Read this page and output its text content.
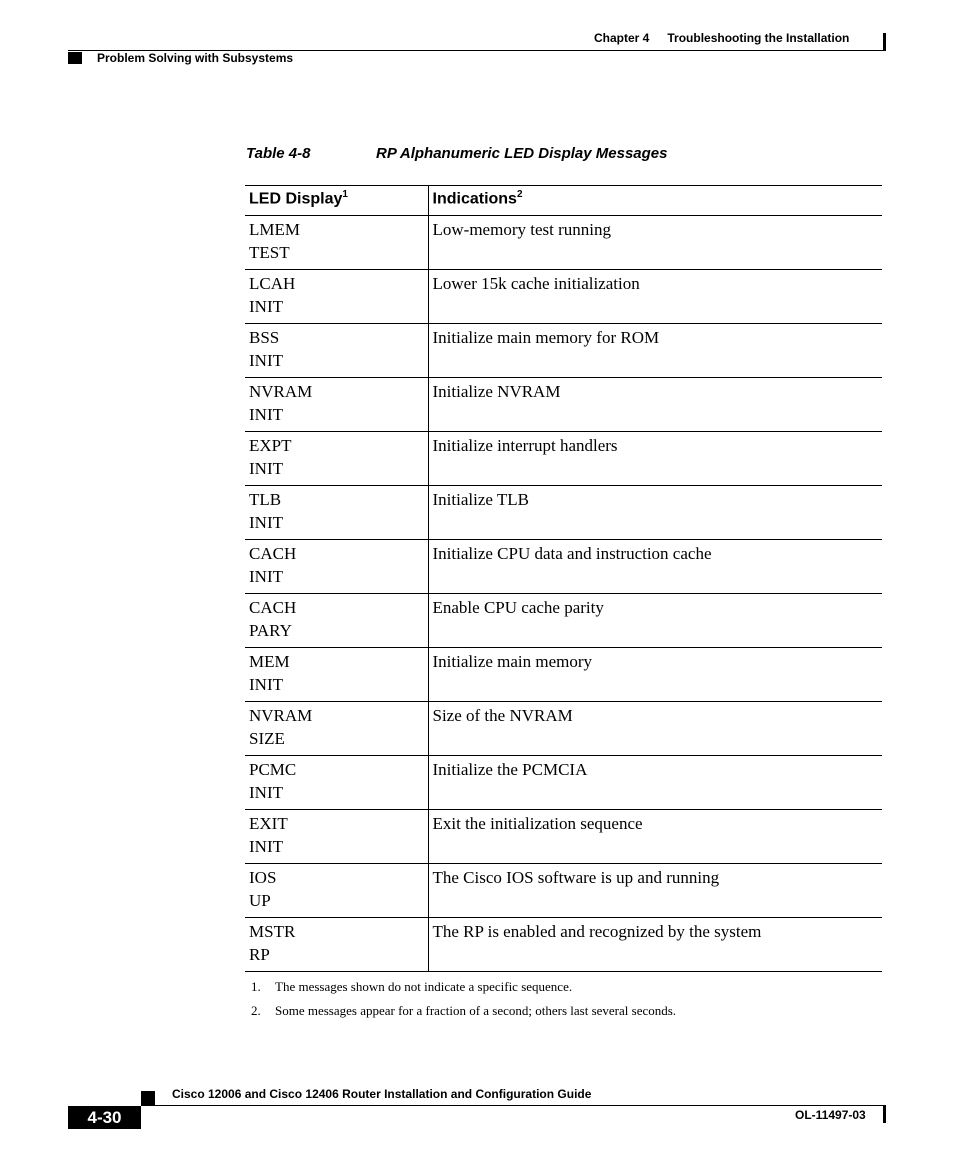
Chapter 4 Troubleshooting the Installation
Problem Solving with Subsystems
Table 4-8	RP Alphanumeric LED Display Messages
LED Display$^1$	Indications$^2$

LMEM
TEST	Low-memory test running

LCAH
INIT	Lower 15k cache initialization

BSS
INIT	Initialize main memory for ROM

NVRAM
INIT	Initialize NVRAM

EXPT
INIT	Initialize interrupt handlers

TLB
INIT	Initialize TLB

CACH
INIT	Initialize CPU data and instruction cache

CACH
PARY	Enable CPU cache parity

MEM
INIT	Initialize main memory

NVRAM
SIZE	Size of the NVRAM

PCMC
INIT	Initialize the PCMCIA

EXIT
INIT	Exit the initialization sequence

IOS
UP	The Cisco IOS software is up and running

MSTR
RP	The RP is enabled and recognized by the system
1. The messages shown do not indicate a specific sequence.
2. Some messages appear for a fraction of a second; others last several seconds.
Cisco 12006 and Cisco 12406 Router Installation and Configuration Guide
4-30	OL-11497-03
